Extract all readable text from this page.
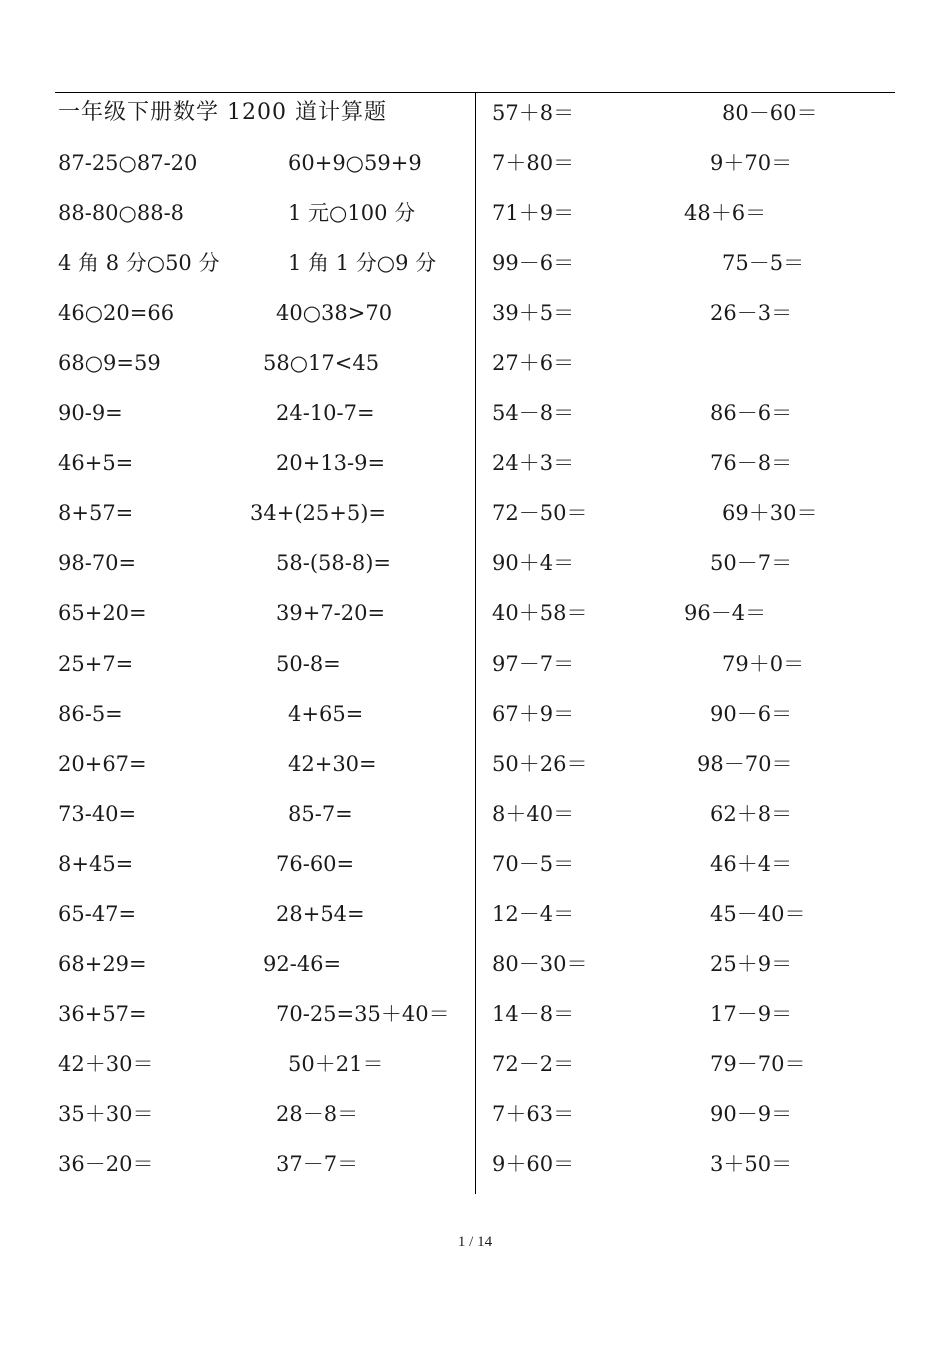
一年级下册数学 1200 道计算题
87-25○87-20	60+9○59+9
88-80○88-8	1 元○100 分
4 角 8 分○50 分	1 角 1 分○9 分
46○20=66	40○38>70
68○9=59	58○17<45
90-9=	24-10-7=
46+5=	20+13-9=
8+57=	34+(25+5)=
98-70=	58-(58-8)=
65+20=	39+7-20=
25+7=	50-8=
86-5=	4+65=
20+67=	42+30=
73-40=	85-7=
8+45=	76-60=
65-47=	28+54=
68+29=	92-46=
36+57=	70-25=35＋40＝
42＋30＝	50＋21＝
35＋30＝	28－8＝
36－20＝	37－7＝
57＋8＝	80－60＝
7＋80＝	9＋70＝
71＋9＝	48＋6＝
99－6＝	75－5＝
39＋5＝	26－3＝
27＋6＝
54－8＝	86－6＝
24＋3＝	76－8＝
72－50＝	69＋30＝
90＋4＝	50－7＝
40＋58＝	96－4＝
97－7＝	79＋0＝
67＋9＝	90－6＝
50＋26＝	98－70＝
8＋40＝	62＋8＝
70－5＝	46＋4＝
12－4＝	45－40＝
80－30＝	25＋9＝
14－8＝	17－9＝
72－2＝	79－70＝
7＋63＝	90－9＝
9＋60＝	3＋50＝
1 / 14
